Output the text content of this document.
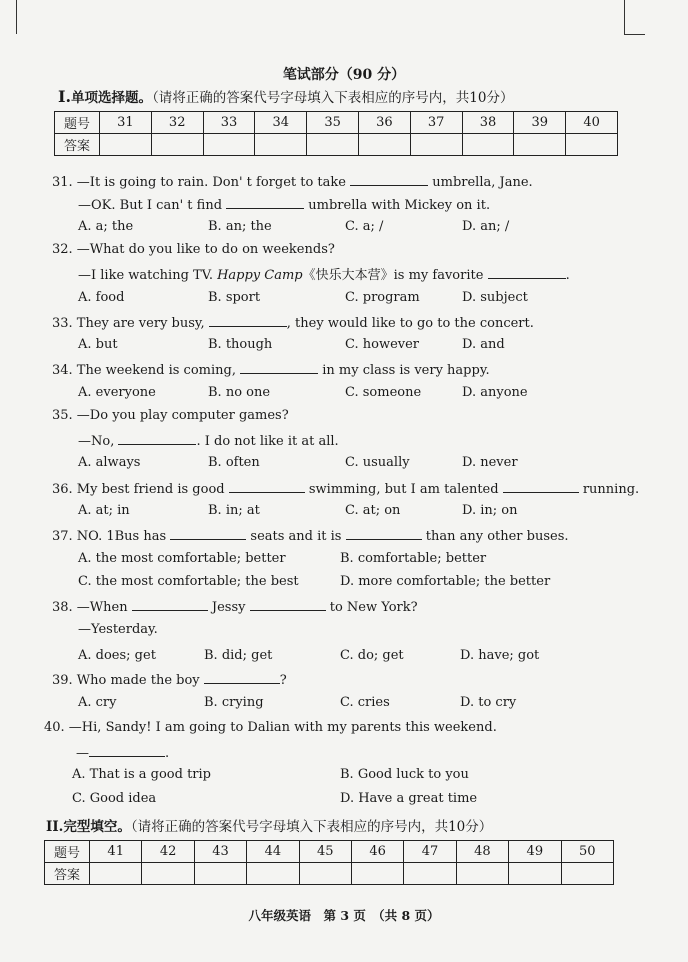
笔试部分（90 分）
Ⅰ.单项选择题。（请将正确的答案代号字母填入下表相应的序号内，共10分）
题号	31	32	33	34	35	36	37	38	39	40
答案										
31. —It is going to rain. Don' t forget to take	umbrella, Jane.
—OK. But I can' t find	umbrella with Mickey on it.
A. a; the	B. an; the	C. a; /	D. an; /
32. —What do you like to do on weekends?
—I like watching TV. Happy Camp《快乐大本营》is my favorite	.
A. food	B. sport	C. program	D. subject
33. They are very busy,	, they would like to go to the concert.
A. but	B. though	C. however	D. and
34. The weekend is coming,	in my class is very happy.
A. everyone	B. no one	C. someone	D. anyone
35. —Do you play computer games?
—No,	. I do not like it at all.
A. always	B. often	C. usually	D. never
36. My best friend is good	swimming, but I am talented	running.
A. at; in	B. in; at	C. at; on	D. in; on
37. NO. 1Bus has	seats and it is	than any other buses.
A. the most comfortable; better	B. comfortable; better
C. the most comfortable; the best	D. more comfortable; the better
38. —When	Jessy	to New York?
—Yesterday.
A. does; get	B. did; get	C. do; get	D. have; got
39. Who made the boy	?
A. cry	B. crying	C. cries	D. to cry
40. —Hi, Sandy! I am going to Dalian with my parents this weekend.
—	.
A. That is a good trip	B. Good luck to you
C. Good idea	D. Have a great time
II.完型填空。（请将正确的答案代号字母填入下表相应的序号内，共10分）
题号	41	42	43	44	45	46	47	48	49	50
答案										
八年级英语　第 3 页　（共 8 页）
